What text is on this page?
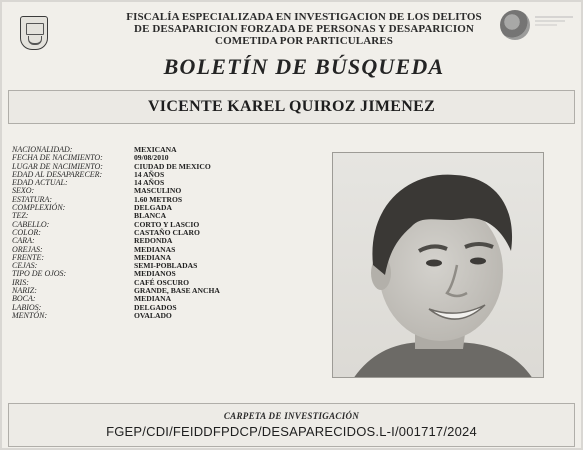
FISCALÍA ESPECIALIZADA EN INVESTIGACION DE LOS DELITOS
DE DESAPARICION FORZADA DE PERSONAS Y DESAPARICION
COMETIDA POR PARTICULARES
BOLETÍN DE BÚSQUEDA
VICENTE KAREL QUIROZ JIMENEZ
NACIONALIDAD:	MEXICANA
FECHA DE NACIMIENTO:	09/08/2010
LUGAR DE NACIMIENTO:	CIUDAD DE MEXICO
EDAD AL DESAPARECER:	14 AÑOS
EDAD ACTUAL:	14 AÑOS
SEXO:	MASCULINO
ESTATURA:	1.60 METROS
COMPLEXIÓN:	DELGADA
TEZ:	BLANCA
CABELLO:	CORTO Y LASCIO
COLOR:	CASTAÑO CLARO
CARA:	REDONDA
OREJAS:	MEDIANAS
FRENTE:	MEDIANA
CEJAS:	SEMI-POBLADAS
TIPO DE OJOS:	MEDIANOS
IRIS:	CAFÉ OSCURO
NARIZ:	GRANDE, BASE ANCHA
BOCA:	MEDIANA
LABIOS:	DELGADOS
MENTÓN:	OVALADO
CARPETA DE INVESTIGACIÓN
FGEP/CDI/FEIDDFPDCP/DESAPARECIDOS.L-I/001717/2024
